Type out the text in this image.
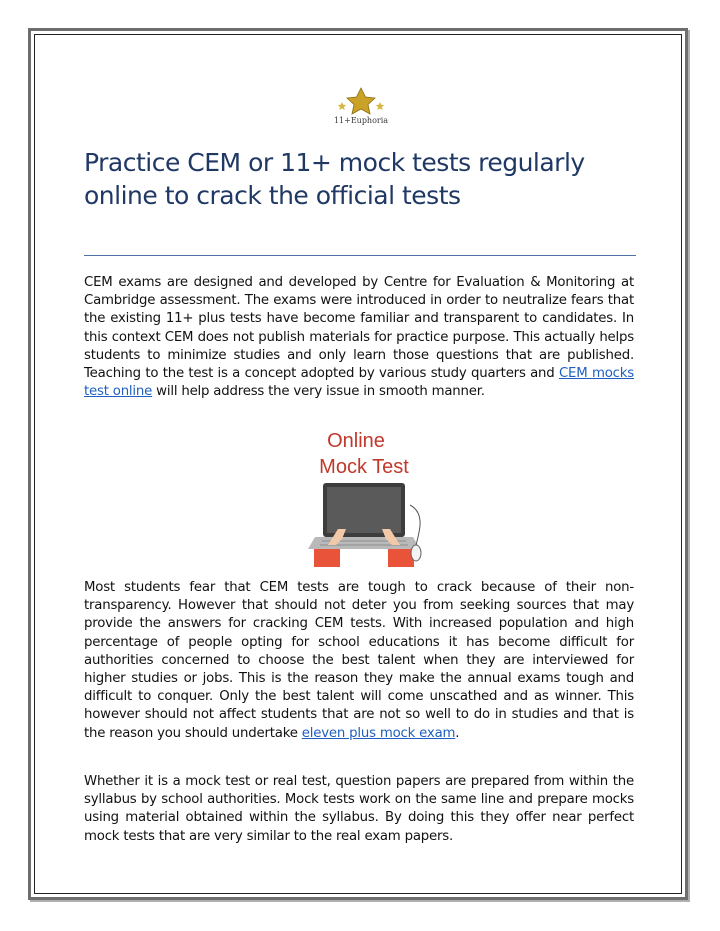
11+Euphoria
Practice CEM or 11+ mock tests regularly online to crack the official tests

CEM exams are designed and developed by Centre for Evaluation & Monitoring at Cambridge assessment. The exams were introduced in order to neutralize fears that the existing 11+ plus tests have become familiar and transparent to candidates. In this context CEM does not publish materials for practice purpose. This actually helps students to minimize studies and only learn those questions that are published. Teaching to the test is a concept adopted by various study quarters and CEM mocks test online will help address the very issue in smooth manner.

Online
Mock Test

Most students fear that CEM tests are tough to crack because of their non-transparency. However that should not deter you from seeking sources that may provide the answers for cracking CEM tests. With increased population and high percentage of people opting for school educations it has become difficult for authorities concerned to choose the best talent when they are interviewed for higher studies or jobs. This is the reason they make the annual exams tough and difficult to conquer. Only the best talent will come unscathed and as winner. This however should not affect students that are not so well to do in studies and that is the reason you should undertake eleven plus mock exam.

Whether it is a mock test or real test, question papers are prepared from within the syllabus by school authorities. Mock tests work on the same line and prepare mocks using material obtained within the syllabus. By doing this they offer near perfect mock tests that are very similar to the real exam papers.
